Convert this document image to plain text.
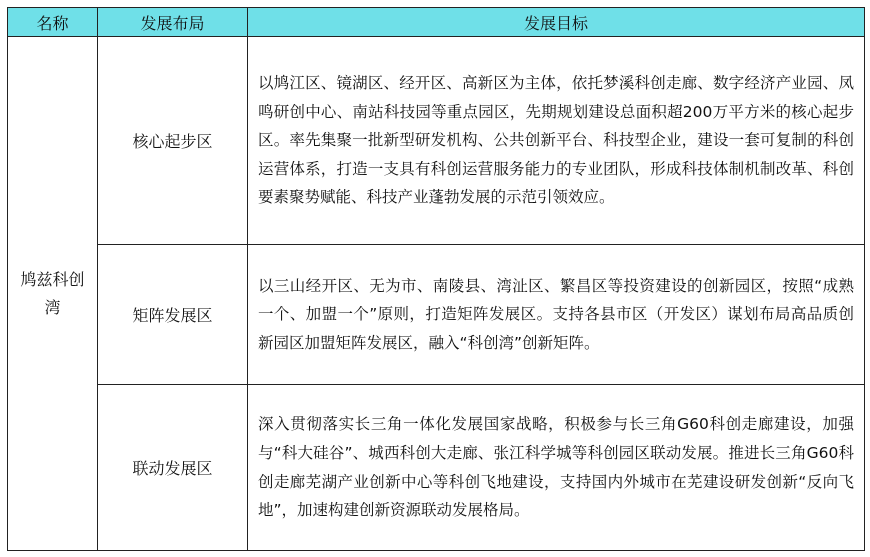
名称	发展布局	发展目标
鸠兹科创湾	核心起步区	以鸠江区、镜湖区、经开区、高新区为主体，依托梦溪科创走廊、数字经济产业园、凤鸣研创中心、南站科技园等重点园区，先期规划建设总面积超200万平方米的核心起步区。率先集聚一批新型研发机构、公共创新平台、科技型企业，建设一套可复制的科创运营体系，打造一支具有科创运营服务能力的专业团队，形成科技体制机制改革、科创要素聚势赋能、科技产业蓬勃发展的示范引领效应。
	矩阵发展区	以三山经开区、无为市、南陵县、湾沚区、繁昌区等投资建设的创新园区，按照“成熟一个、加盟一个”原则，打造矩阵发展区。支持各县市区（开发区）谋划布局高品质创新园区加盟矩阵发展区，融入“科创湾”创新矩阵。
	联动发展区	深入贯彻落实长三角一体化发展国家战略，积极参与长三角G60科创走廊建设，加强与“科大硅谷”、城西科创大走廊、张江科学城等科创园区联动发展。推进长三角G60科创走廊芜湖产业创新中心等科创飞地建设，支持国内外城市在芜建设研发创新“反向飞地”，加速构建创新资源联动发展格局。
